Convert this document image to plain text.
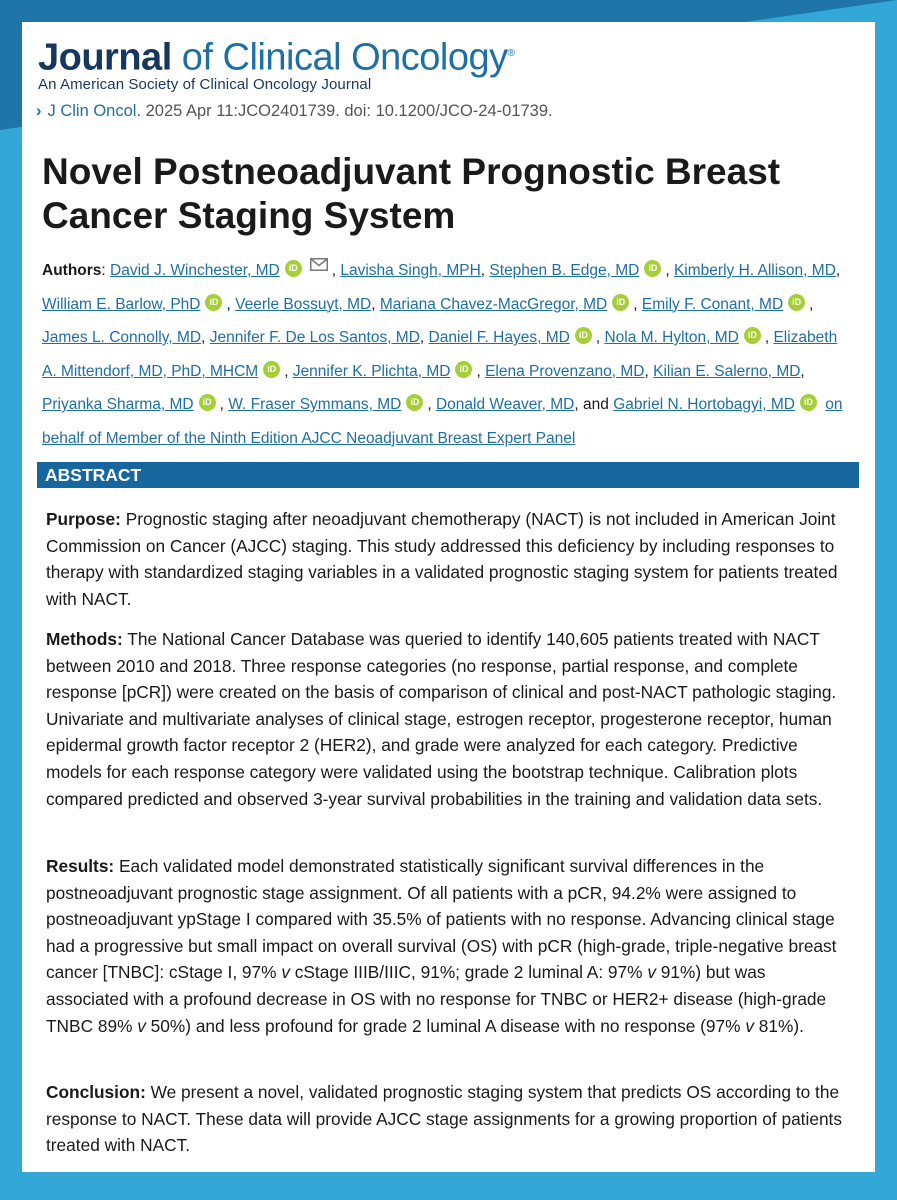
Journal of Clinical Oncology®
An American Society of Clinical Oncology Journal
› J Clin Oncol. 2025 Apr 11:JCO2401739. doi: 10.1200/JCO-24-01739.
Novel Postneoadjuvant Prognostic Breast Cancer Staging System
Authors: David J. Winchester, MD iD , Lavisha Singh, MPH, Stephen B. Edge, MD iD , Kimberly H. Allison, MD, William E. Barlow, PhD iD , Veerle Bossuyt, MD, Mariana Chavez-MacGregor, MD iD , Emily F. Conant, MD iD , James L. Connolly, MD, Jennifer F. De Los Santos, MD, Daniel F. Hayes, MD iD , Nola M. Hylton, MD iD , Elizabeth A. Mittendorf, MD, PhD, MHCM iD , Jennifer K. Plichta, MD iD , Elena Provenzano, MD, Kilian E. Salerno, MD, Priyanka Sharma, MD iD , W. Fraser Symmans, MD iD , Donald Weaver, MD, and Gabriel N. Hortobagyi, MD iD on behalf of Member of the Ninth Edition AJCC Neoadjuvant Breast Expert Panel
ABSTRACT

Purpose: Prognostic staging after neoadjuvant chemotherapy (NACT) is not included in American Joint Commission on Cancer (AJCC) staging. This study addressed this deficiency by including responses to therapy with standardized staging variables in a validated prognostic staging system for patients treated with NACT.

Methods: The National Cancer Database was queried to identify 140,605 patients treated with NACT between 2010 and 2018. Three response categories (no response, partial response, and complete response [pCR]) were created on the basis of comparison of clinical and post-NACT pathologic staging. Univariate and multivariate analyses of clinical stage, estrogen receptor, progesterone receptor, human epidermal growth factor receptor 2 (HER2), and grade were analyzed for each category. Predictive models for each response category were validated using the bootstrap technique. Calibration plots compared predicted and observed 3-year survival probabilities in the training and validation data sets.

Results: Each validated model demonstrated statistically significant survival differences in the postneoadjuvant prognostic stage assignment. Of all patients with a pCR, 94.2% were assigned to postneoadjuvant ypStage I compared with 35.5% of patients with no response. Advancing clinical stage had a progressive but small impact on overall survival (OS) with pCR (high-grade, triple-negative breast cancer [TNBC]: cStage I, 97% v cStage IIIB/IIIC, 91%; grade 2 luminal A: 97% v 91%) but was associated with a profound decrease in OS with no response for TNBC or HER2+ disease (high-grade TNBC 89% v 50%) and less profound for grade 2 luminal A disease with no response (97% v 81%).

Conclusion: We present a novel, validated prognostic staging system that predicts OS according to the response to NACT. These data will provide AJCC stage assignments for a growing proportion of patients treated with NACT.
